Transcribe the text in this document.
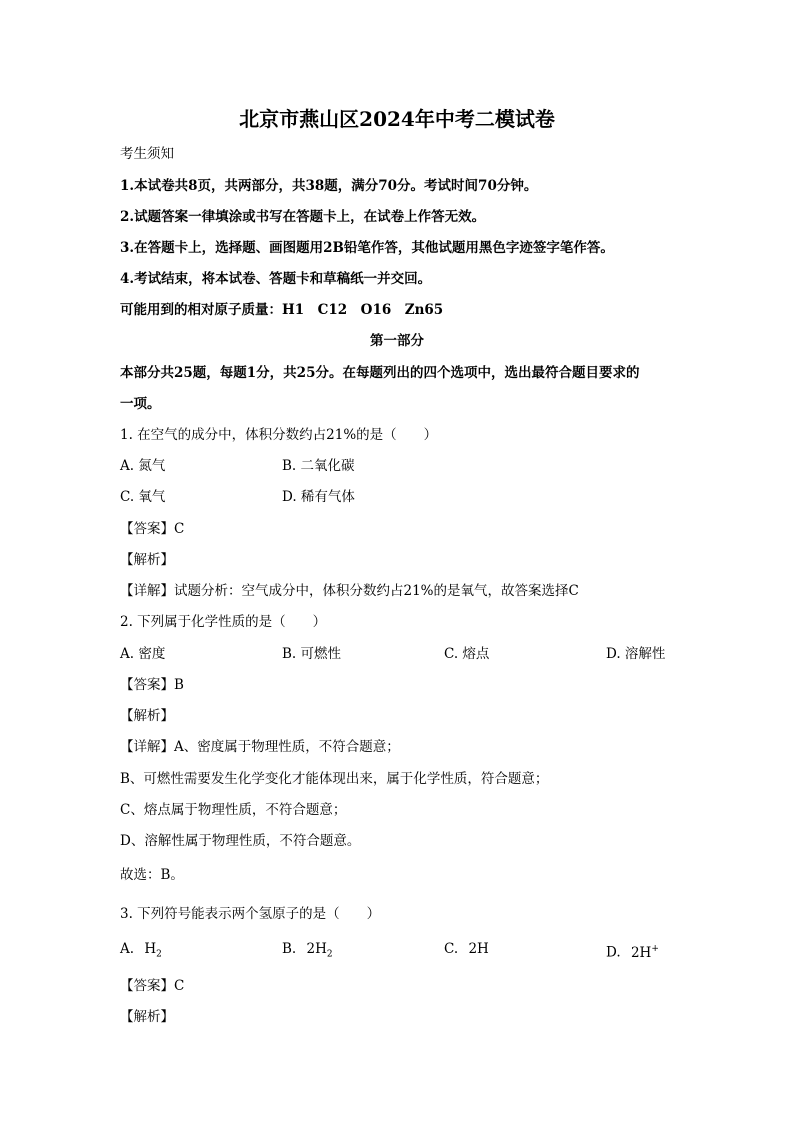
北京市燕山区2024年中考二模试卷
考生须知
1.本试卷共8页，共两部分，共38题，满分70分。考试时间70分钟。
2.试题答案一律填涂或书写在答题卡上，在试卷上作答无效。
3.在答题卡上，选择题、画图题用2B铅笔作答，其他试题用黑色字迹签字笔作答。
4.考试结束，将本试卷、答题卡和草稿纸一并交回。
可能用到的相对原子质量：H1　C12　O16　Zn65
第一部分
本部分共25题，每题1分，共25分。在每题列出的四个选项中，选出最符合题目要求的
一项。
1. 在空气的成分中，体积分数约占21%的是（　　）
A. 氮气	B. 二氧化碳
C. 氧气	D. 稀有气体
【答案】C
【解析】
【详解】试题分析：空气成分中，体积分数约占21%的是氧气，故答案选择C
2. 下列属于化学性质的是（　　）
A. 密度	B. 可燃性	C. 熔点	D. 溶解性
【答案】B
【解析】
【详解】A、密度属于物理性质，不符合题意；
B、可燃性需要发生化学变化才能体现出来，属于化学性质，符合题意；
C、熔点属于物理性质，不符合题意；
D、溶解性属于物理性质，不符合题意。
故选：B。
3. 下列符号能表示两个氢原子的是（　　）
A. $H_2$	B. $2H_2$	C. 2H	D. 2H+
【答案】C
【解析】
